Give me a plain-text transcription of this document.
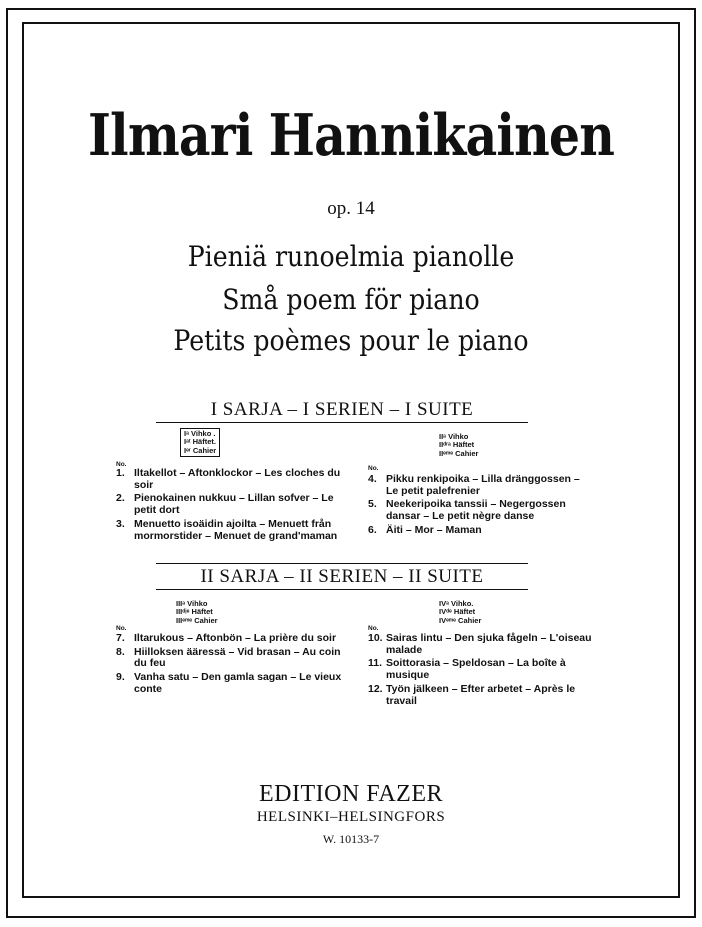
Ilmari Hannikainen
op. 14
Pieniä runoelmia pianolle
Små poem för piano
Petits poèmes pour le piano
I SARJA – I SERIEN – I SUITE
Iᵃ Vihko .
Iᵃᵗ Häftet.
Iᵉʳ Cahier
No.
1. Iltakellot – Aftonklockor – Les cloches du soir
2. Pienokainen nukkuu – Lillan sofver – Le petit dort
3. Menuetto isoäidin ajoilta – Menuett från mormorstider – Menuet de grand'maman
IIᵃ Vihko
IIᵈʳᵃ Häftet
IIᵉᵐᵉ Cahier
No.
4. Pikku renkipoika – Lilla dränggossen – Le petit palefrenier
5. Neekeripoika tanssii – Negergossen dansar – Le petit nègre danse
6. Äiti – Mor – Maman
II SARJA – II SERIEN – II SUITE
IIIᵃ Vihko
IIIᵈʲᵉ Häftet
IIIᵉᵐᵉ Cahier
No.
7. Iltarukous – Aftonbön – La prière du soir
8. Hiilloksen ääressä – Vid brasan – Au coin du feu
9. Vanha satu – Den gamla sagan – Le vieux conte
IVᵃ Vihko.
IVᵈᵉ Häftet
IVᵉᵐᵉ Cahier
No.
10. Sairas lintu – Den sjuka fågeln – L'oiseau malade
11. Soittorasia – Speldosan – La boîte à musique
12. Työn jälkeen – Efter arbetet – Après le travail
EDITION FAZER
HELSINKI–HELSINGFORS
W. 10133-7
